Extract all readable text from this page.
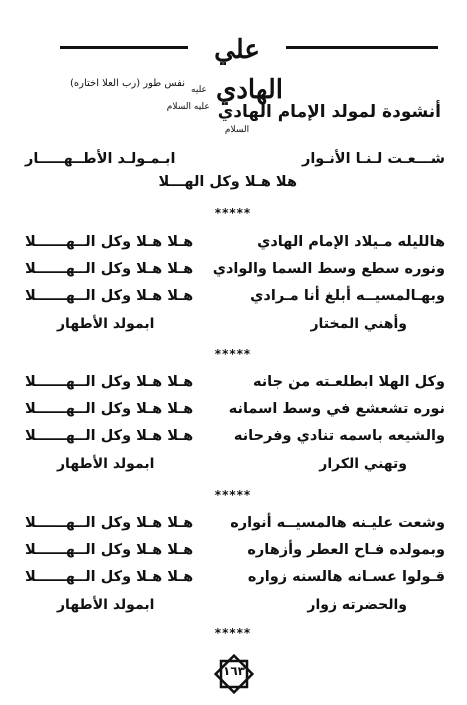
علي الهادي $^{عليه السلام}$
نفس طور (رب العلا اختاره)
أنشودة لمولد الإمام الهادي $^{عليه السلام}$
شـــعـت لـنـا الأنـوار
ابـمـولـد الأطــهـــــار
هلا هـلا وكل الهـــلا
*****
هالليله مـيلاد الإمام الهادي
هـلا هـلا وكل الــهــــــلا
ونوره سطع وسط السما والوادي
هـلا هـلا وكل الــهــــــلا
وبهـالمسيــه أبلغ أنا مـرادي
هـلا هـلا وكل الــهــــــلا
وأهني المختار
ابمولد الأطهار
*****
وكل الهلا ابطلعـته من جانه
هـلا هـلا وكل الــهــــــلا
نوره تشعشع في وسط اسمانه
هـلا هـلا وكل الــهــــــلا
والشيعه باسمه تنادي وفرحانه
هـلا هـلا وكل الــهــــــلا
وتهني الكرار
ابمولد الأطهار
*****
وشعت عليـنه هالمسيــه أنواره
هـلا هـلا وكل الــهــــــلا
وبمولده فـاح العطر وأزهاره
هـلا هـلا وكل الــهــــــلا
قـولوا عسـانه هالسنه زواره
هـلا هـلا وكل الــهــــــلا
والحضرته زوار
ابمولد الأطهار
*****
١٦٣
